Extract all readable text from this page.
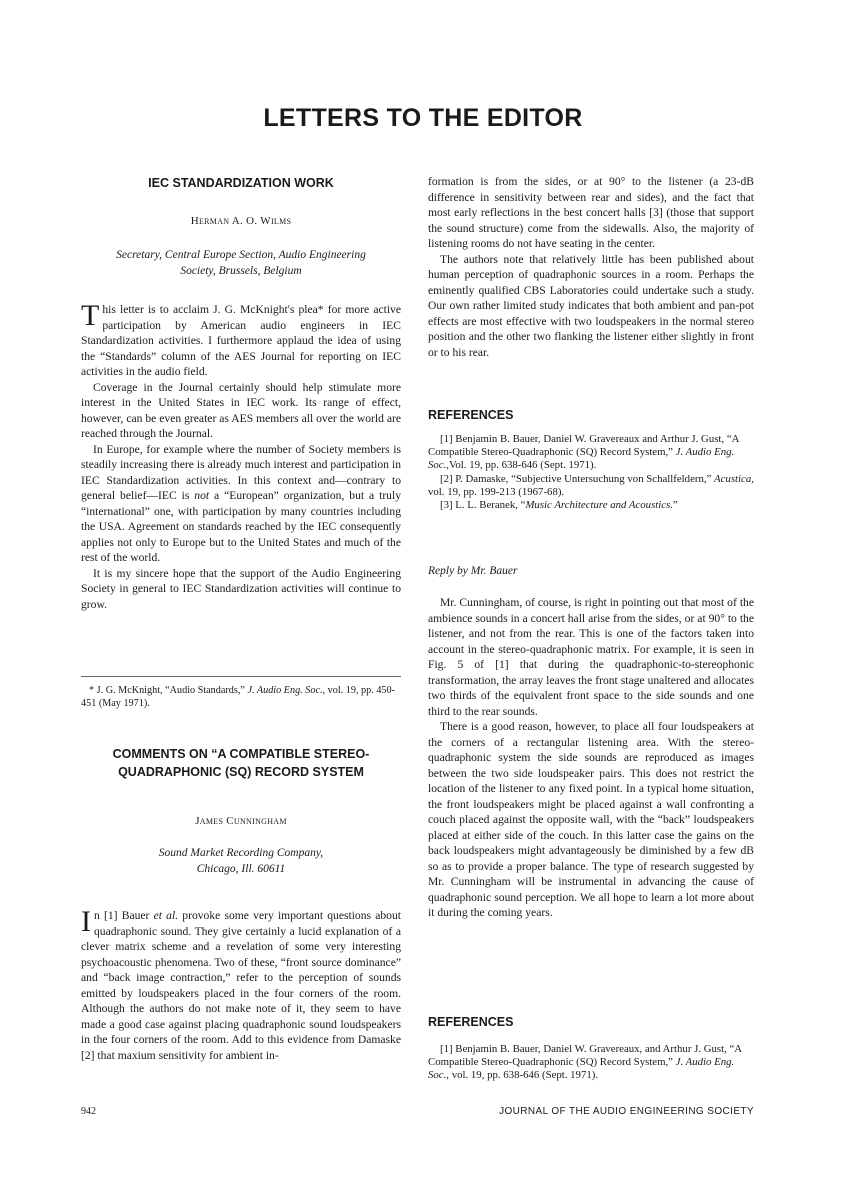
LETTERS TO THE EDITOR
IEC STANDARDIZATION WORK

Herman A. O. Wilms

Secretary, Central Europe Section, Audio Engineering
Society, Brussels, Belgium

This letter is to acclaim J. G. McKnight's plea* for more active participation by American audio engineers in IEC Standardization activities. I furthermore applaud the idea of using the “Standards” column of the AES Journal for reporting on IEC activities in the audio field.

Coverage in the Journal certainly should help stimulate more interest in the United States in IEC work. Its range of effect, however, can be even greater as AES members all over the world are reached through the Journal.

In Europe, for example where the number of Society members is steadily increasing there is already much interest and participation in IEC Standardization activities. In this context and—contrary to general belief—IEC is not a “European” organization, but a truly “international” one, with participation by many countries including the USA. Agreement on standards reached by the IEC consequently applies not only to Europe but to the United States and much of the rest of the world.

It is my sincere hope that the support of the Audio Engineering Society in general to IEC Standardization activities will continue to grow.

* J. G. McKnight, “Audio Standards,” J. Audio Eng. Soc., vol. 19, pp. 450-451 (May 1971).

COMMENTS ON “A COMPATIBLE STEREO-
QUADRAPHONIC (SQ) RECORD SYSTEM

James Cunningham

Sound Market Recording Company,
Chicago, Ill. 60611

In [1] Bauer et al. provoke some very important questions about quadraphonic sound. They give certainly a lucid explanation of a clever matrix scheme and a revelation of some very interesting psychoacoustic phenomena. Two of these, “front source dominance” and “back image contraction,” refer to the perception of sounds emitted by loudspeakers placed in the four corners of the room. Although the authors do not make note of it, they seem to have made a good case against placing quadraphonic sound loudspeakers in the four corners of the room. Add to this evidence from Damaske [2] that maxium sensitivity for ambient in-

formation is from the sides, or at 90° to the listener (a 23-dB difference in sensitivity between rear and sides), and the fact that most early reflections in the best concert halls [3] (those that support the sound structure) come from the sidewalls. Also, the majority of listening rooms do not have seating in the center.

The authors note that relatively little has been published about human perception of quadraphonic sources in a room. Perhaps the eminently qualified CBS Laboratories could undertake such a study. Our own rather limited study indicates that both ambient and pan-pot effects are most effective with two loudspeakers in the normal stereo position and the other two flanking the listener either slightly in front or to his rear.

REFERENCES
[1] Benjamin B. Bauer, Daniel W. Gravereaux and Arthur J. Gust, “A Compatible Stereo-Quadraphonic (SQ) Record System,” J. Audio Eng. Soc.,Vol. 19, pp. 638-646 (Sept. 1971).
[2] P. Damaske, “Subjective Untersuchung von Schallfeldern,” Acustica, vol. 19, pp. 199-213 (1967-68).
[3] L. L. Beranek, “Music Architecture and Acoustics.”

Reply by Mr. Bauer

Mr. Cunningham, of course, is right in pointing out that most of the ambience sounds in a concert hall arise from the sides, or at 90° to the listener, and not from the rear. This is one of the factors taken into account in the stereo-quadraphonic matrix. For example, it is seen in Fig. 5 of [1] that during the quadraphonic-to-stereophonic transformation, the array leaves the front stage unaltered and allocates two thirds of the equivalent front space to the side sounds and one third to the rear sounds.

There is a good reason, however, to place all four loudspeakers at the corners of a rectangular listening area. With the stereo-quadraphonic system the side sounds are reproduced as images between the two side loudspeaker pairs. This does not restrict the location of the listener to any fixed point. In a typical home situation, the front loudspeakers might be placed against a wall confronting a couch placed against the opposite wall, with the “back” loudspeakers placed at either side of the couch. In this latter case the gains on the back loudspeakers might advantageously be diminished by a few dB so as to provide a proper balance. The type of research suggested by Mr. Cunningham will be instrumental in advancing the cause of quadraphonic sound perception. We all hope to learn a lot more about it during the coming years.

REFERENCES
[1] Benjamin B. Bauer, Daniel W. Gravereaux, and Arthur J. Gust, “A Compatible Stereo-Quadraphonic (SQ) Record System,” J. Audio Eng. Soc., vol. 19, pp. 638-646 (Sept. 1971).

942	JOURNAL OF THE AUDIO ENGINEERING SOCIETY
